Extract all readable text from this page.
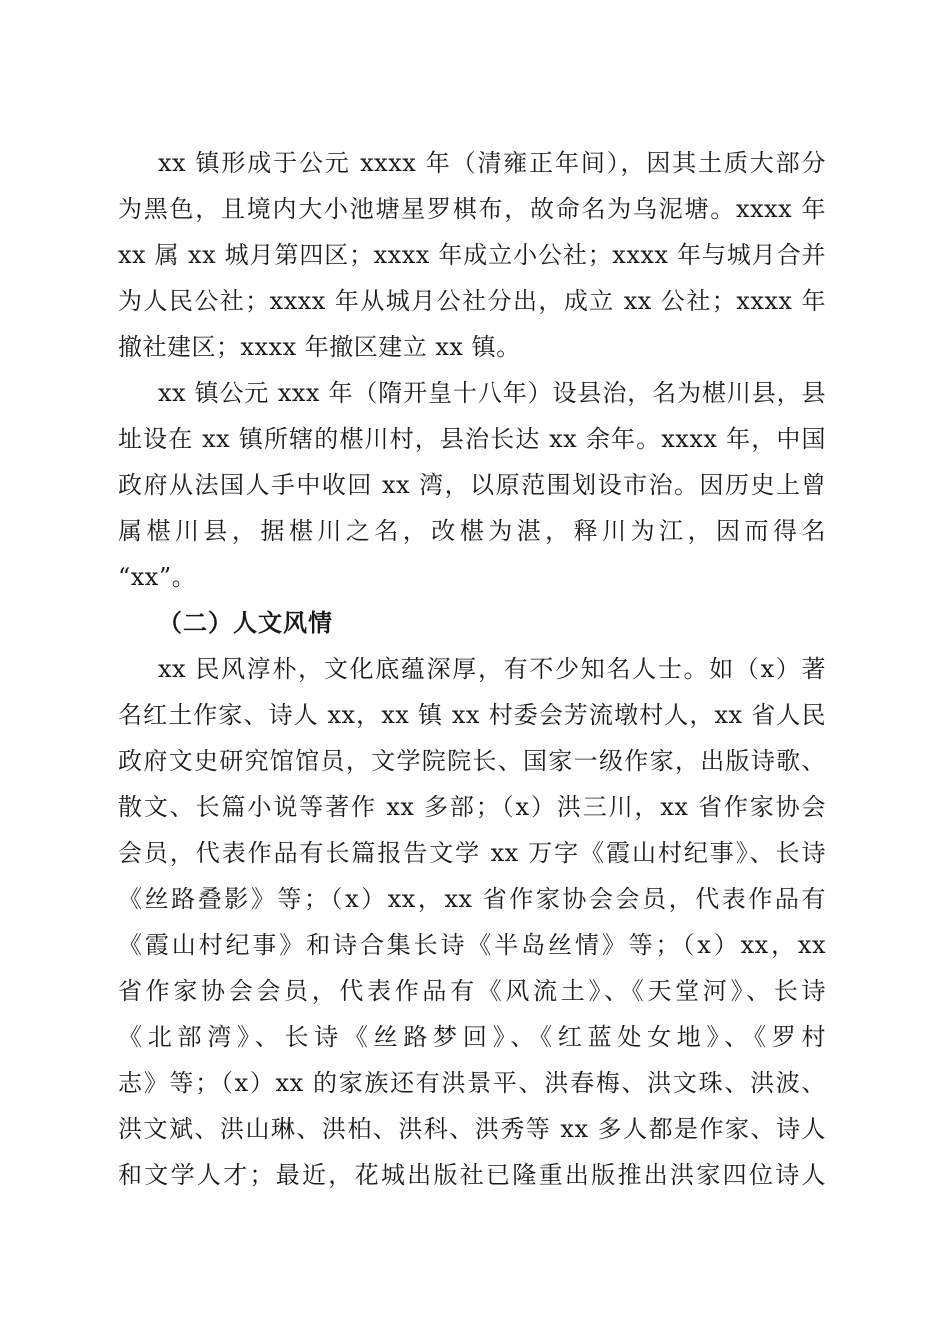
xx 镇形成于公元 xxxx 年（清雍正年间），因其土质大部分
为黑色，且境内大小池塘星罗棋布，故命名为乌泥塘。xxxx 年
xx 属 xx 城月第四区；xxxx 年成立小公社；xxxx 年与城月合并
为人民公社；xxxx 年从城月公社分出，成立 xx 公社；xxxx 年
撤社建区；xxxx 年撤区建立 xx 镇。
xx 镇公元 xxx 年（隋开皇十八年）设县治，名为椹川县，县
址设在 xx 镇所辖的椹川村，县治长达 xx 余年。xxxx 年，中国
政府从法国人手中收回 xx 湾，以原范围划设市治。因历史上曾
属椹川县，据椹川之名，改椹为湛，释川为江，因而得名
“xx”。
（二）人文风情
xx 民风淳朴，文化底蕴深厚，有不少知名人士。如（x）著
名红土作家、诗人 xx，xx 镇 xx 村委会芳流墩村人，xx 省人民
政府文史研究馆馆员，文学院院长、国家一级作家，出版诗歌、
散文、长篇小说等著作 xx 多部；（x）洪三川，xx 省作家协会
会员，代表作品有长篇报告文学 xx 万字《霞山村纪事》、长诗
《丝路叠影》等；（x）xx，xx 省作家协会会员，代表作品有
《霞山村纪事》和诗合集长诗《半岛丝情》等；（x）xx，xx
省作家协会会员，代表作品有《风流土》、《天堂河》、长诗
《北部湾》、长诗《丝路梦回》、《红蓝处女地》、《罗村
志》等；（x）xx 的家族还有洪景平、洪春梅、洪文珠、洪波、
洪文斌、洪山琳、洪柏、洪科、洪秀等 xx 多人都是作家、诗人
和文学人才；最近，花城出版社已隆重出版推出洪家四位诗人
